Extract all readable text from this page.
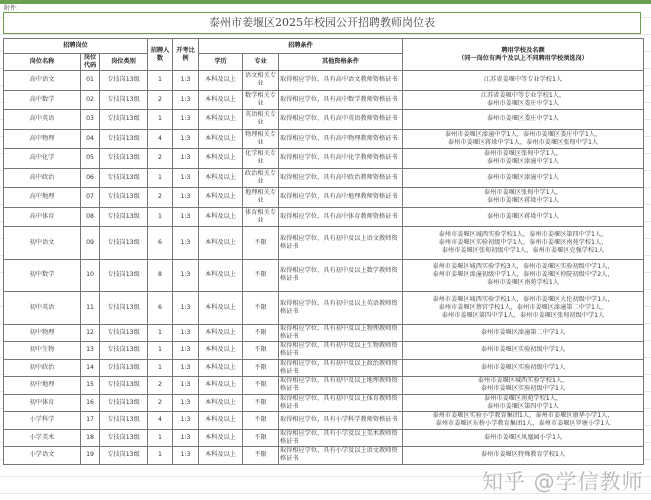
附件：
泰州市姜堰区2025年校园公开招聘教师岗位表
招聘岗位			招聘人数	开考比例	招聘条件			聘用学校及名额
（同一岗位有两个及以上不同聘用学校须选岗）

岗位名称	岗位代码	岗位类别			学历	专业	其他资格条件	
高中语文	01	专技岗13级	1	1:3	本科及以上	语文相关专业	取得相应学位，具有高中语文教师资格证书	江苏省姜堰中等专业学校1人
高中数学	02	专技岗13级	2	1:3	本科及以上	数学相关专业	取得相应学位，具有高中数学教师资格证书	江苏省姜堰中等专业学校1人，
泰州市姜堰区娄庄中学1人
高中英语	03	专技岗13级	1	1:3	本科及以上	英语相关专业	取得相应学位，具有高中英语教师资格证书	泰州市姜堰区娄庄中学1人
高中物理	04	专技岗13级	4	1:3	本科及以上	物理相关专业	取得相应学位，具有高中物理教师资格证书	泰州市姜堰区溱潼中学1人，泰州市姜堰区娄庄中学1人，
泰州市姜堰区蒋垛中学1人，泰州市姜堰区张甸中学1人
高中化学	05	专技岗13级	2	1:3	本科及以上	化学相关专业	取得相应学位，具有高中化学教师资格证书	泰州市姜堰区张甸中学1人，
泰州市姜堰区溱潼中学1人
高中政治	06	专技岗13级	1	1:3	本科及以上	政治相关专业	取得相应学位，具有高中政治教师资格证书	泰州市姜堰区溱潼中学1人
高中地理	07	专技岗13级	2	1:3	本科及以上	地理相关专业	取得相应学位，具有高中地理教师资格证书	泰州市姜堰区张甸中学1人，
泰州市姜堰区蒋垛中学1人
高中体育	08	专技岗13级	1	1:3	本科及以上	体育相关专业	取得相应学位，具有高中体育教师资格证书	泰州市姜堰区蒋垛中学1人
初中语文	09	专技岗13级	6	1:3	本科及以上	不限	取得相应学位，具有初中及以上语文教师资格证书	泰州市姜堰区城西实验学校1人，泰州市姜堰区第四中学1人，
泰州市姜堰区实验初级中学1人，泰州市姜堰区南苑学校1人，
泰州市姜堰区张甸初级中学1人，泰州市姜堰区克强学校1人
初中数学	10	专技岗13级	8	1:3	本科及以上	不限	取得相应学位，具有初中及以上数学教师资格证书	泰州市姜堰区城西实验学校3人，泰州市姜堰区实验初级中学1人，
泰州市姜堰区溱潼初级中学1人，泰州市姜堰区仲院初级中学2人，
泰州市姜堰区南苑学校1人
初中英语	11	专技岗13级	6	1:3	本科及以上	不限	取得相应学位，具有初中及以上英语教师资格证书	泰州市姜堰区城西实验学校1人，泰州市姜堰区大伦初级中学1人，
泰州市姜堰区蔡官学校1人，泰州市姜堰区溱潼第二中学1人，
泰州市姜堰区第四中学1人，泰州市姜堰区张甸初级中学1人
初中物理	12	专技岗13级	1	1:3	本科及以上	不限	取得相应学位，具有初中及以上物理教师资格证书	泰州市姜堰区溱潼第二中学1人
初中生物	13	专技岗13级	1	1:3	本科及以上	不限	取得相应学位，具有初中及以上生物教师资格证书	泰州市姜堰区实验初级中学1人
初中政治	14	专技岗13级	1	1:3	本科及以上	不限	取得相应学位，具有初中及以上政治教师资格证书	泰州市姜堰区实验初级中学1人
初中地理	15	专技岗13级	2	1:3	本科及以上	不限	取得相应学位，具有初中及以上地理教师资格证书	泰州市姜堰区城西实验学校1人，
泰州市姜堰区实验初级中学1人
初中体育	16	专技岗13级	2	1:3	本科及以上	不限	取得相应学位，具有初中及以上体育教师资格证书	泰州市姜堰区南苑学校1人，
泰州市姜堰区第四中学1人
小学科学	17	专技岗13级	4	1:3	本科及以上	不限	取得相应学位，具有小学科学教师资格证书	泰州市姜堰区实验小学教育集团1人，泰州市姜堰区康华小学1人，
泰州市姜堰区东桥小学教育集团1人，泰州市姜堰区罗塘小学1人
小学美术	18	专技岗13级	1	1:3	本科及以上	不限	取得相应学位，具有小学及以上美术教师资格证书	泰州市姜堰区凤凰园小学1人
小学语文	19	专技岗13级	1	1:3	本科及以上	不限	取得相应学位，具有小学及以上语文教师资格证书	泰州市姜堰区特殊教育学校1人
知乎 @学信教师
